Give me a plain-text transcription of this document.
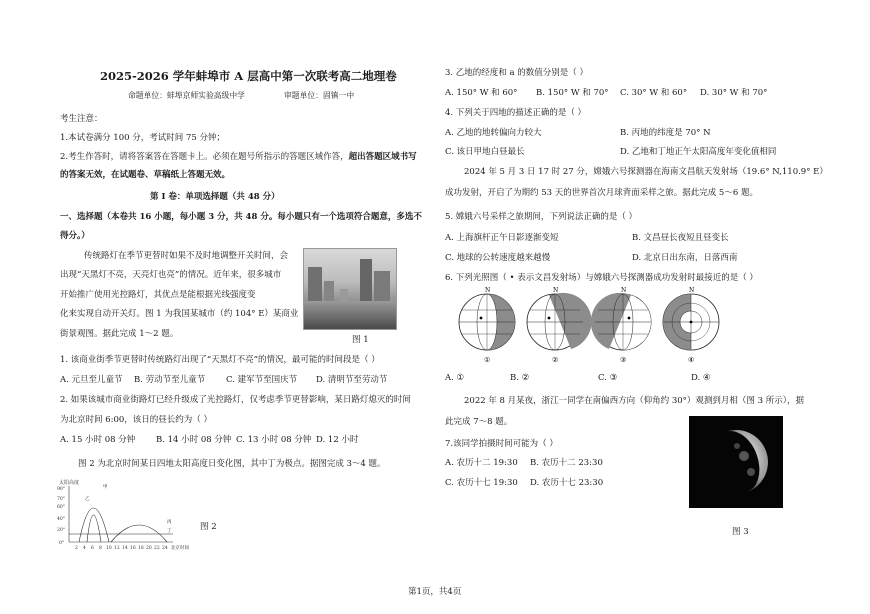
2025-2026 学年蚌埠市 A 层高中第一次联考高二地理卷
命题单位：蚌埠京师实验高级中学	审题单位：固镇一中
考生注意：
1.本试卷满分 100 分，考试时间 75 分钟；
2.考生作答时，请将答案答在答题卡上。必须在题号所指示的答题区域作答，超出答题区域书写
的答案无效，在试题卷、草稿纸上答题无效。
第 I 卷：单项选择题（共 48 分）
一、选择题（本卷共 16 小题，每小题 3 分，共 48 分。每小题只有一个选项符合题意，多选不
得分。）
传统路灯在季节更替时如果不及时地调整开关时间，会
出现“天黑灯不亮，天亮灯也亮”的情况。近年来，很多城市
开始推广使用光控路灯，其优点是能根据光线强度变
化来实现自动开关灯。图 1 为我国某城市（约 104° E）某商业
街景观图。据此完成 1～2 题。
图 1
1. 该商业街季节更替时传统路灯出现了“天黑灯不亮”的情况，最可能的时间段是（ ）
A. 元旦至儿童节 B. 劳动节至儿童节 C. 建军节至国庆节 D. 清明节至劳动节
2. 如果该城市商业街路灯已经升级成了光控路灯，仅考虑季节更替影响，某日路灯熄灭的时间
为北京时间 6:00，该日的昼长约为（ ）
A. 15 小时 08 分钟 B. 14 小时 08 分钟 C. 13 小时 08 分钟 D. 12 小时
图 2 为北京时间某日四地太阳高度日变化图，其中丁为极点。据图完成 3～4 题。
太阳高度
90°
70°
60°
40°
20°
0°
2 4 6 8 10 12 14 16 18 20 22 24 北京时间
甲
乙
丙
丁	图 2
3. 乙地的经度和 a 的数值分别是（ ）
A. 150° W 和 60° B. 150° W 和 70° C. 30° W 和 60° D. 30° W 和 70°
4. 下列关于四地的描述正确的是（ ）
A. 乙地的地转偏向力较大	B. 丙地的纬度是 70° N
C. 该日甲地白昼最长	D. 乙地和丁地正午太阳高度年变化值相同
2024 年 5 月 3 日 17 时 27 分，嫦娥六号探测器在海南文昌航天发射场（19.6° N,110.9° E）
成功发射，开启了为期约 53 天的世界首次月球背面采样之旅。据此完成 5～6 题。
5. 嫦娥六号采样之旅期间，下列说法正确的是（ ）
A. 上海旗杆正午日影逐渐变短	B. 文昌昼长夜短且昼变长
C. 地球的公转速度越来越慢	D. 北京日出东南，日落西南
6. 下列光照图（ • 表示文昌发射场）与嫦娥六号探测器成功发射时最接近的是（ ）
N
①
N
②
N
③
N
④
A. ①	B. ②	C. ③	D. ④
2022 年 8 月某夜，浙江一同学在南偏西方向（仰角约 30°）观测到月相（图 3 所示），据
此完成 7～8 题。
7.该同学拍摄时间可能为（ ）
A. 农历十二 19:30 B. 农历十二 23:30
C. 农历十七 19:30 D. 农历十七 23:30
图 3
第1页，共4页
